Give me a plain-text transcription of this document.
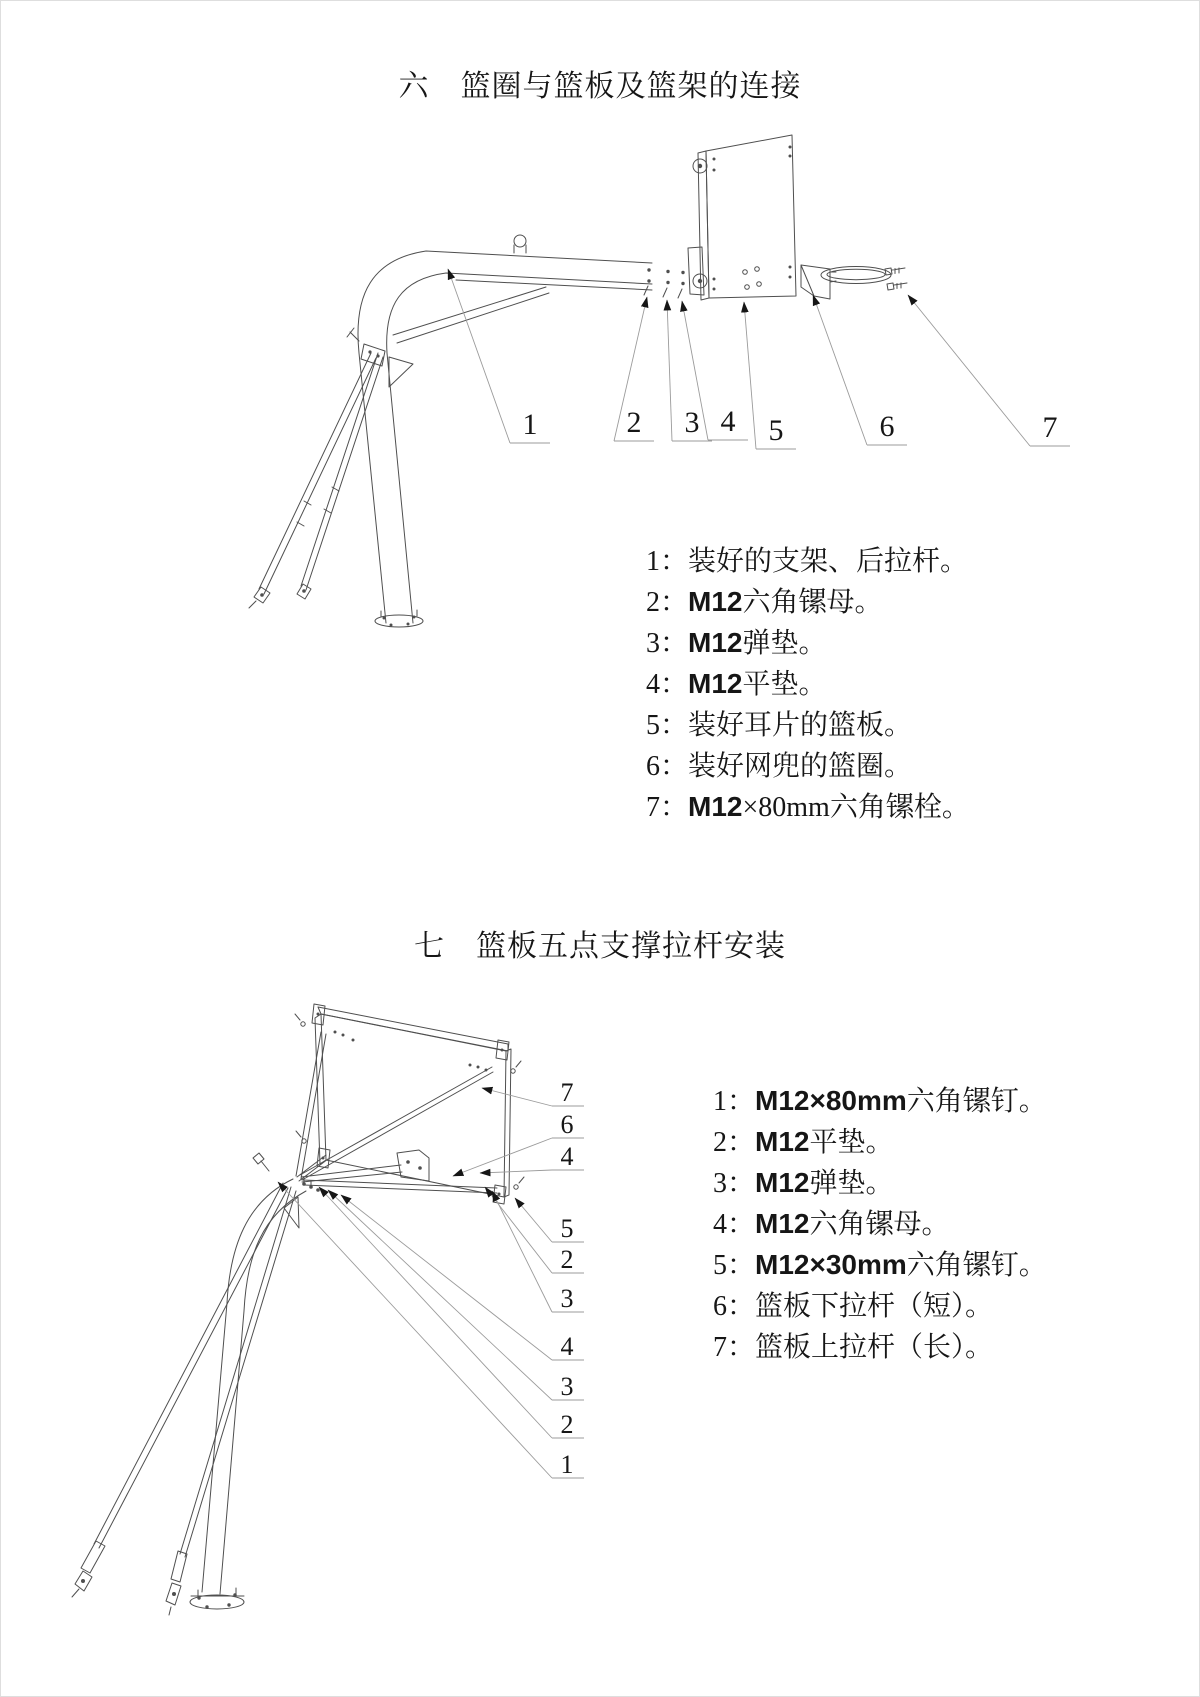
六　篮圈与篮板及篮架的连接
七　篮板五点支撑拉杆安装
1	2 3 4 5	6	7
7
6
4
5
2
3
4
3
2
1
1：装好的支架、后拉杆。
2：M12六角镙母。
3：M12弹垫。
4：M12平垫。
5：装好耳片的篮板。
6：装好网兜的篮圈。
7：M12×80mm六角镙栓。
1：M12×80mm六角镙钉。
2：M12平垫。
3：M12弹垫。
4：M12六角镙母。
5：M12×30mm六角镙钉。
6：篮板下拉杆（短）。
7：篮板上拉杆（长）。
